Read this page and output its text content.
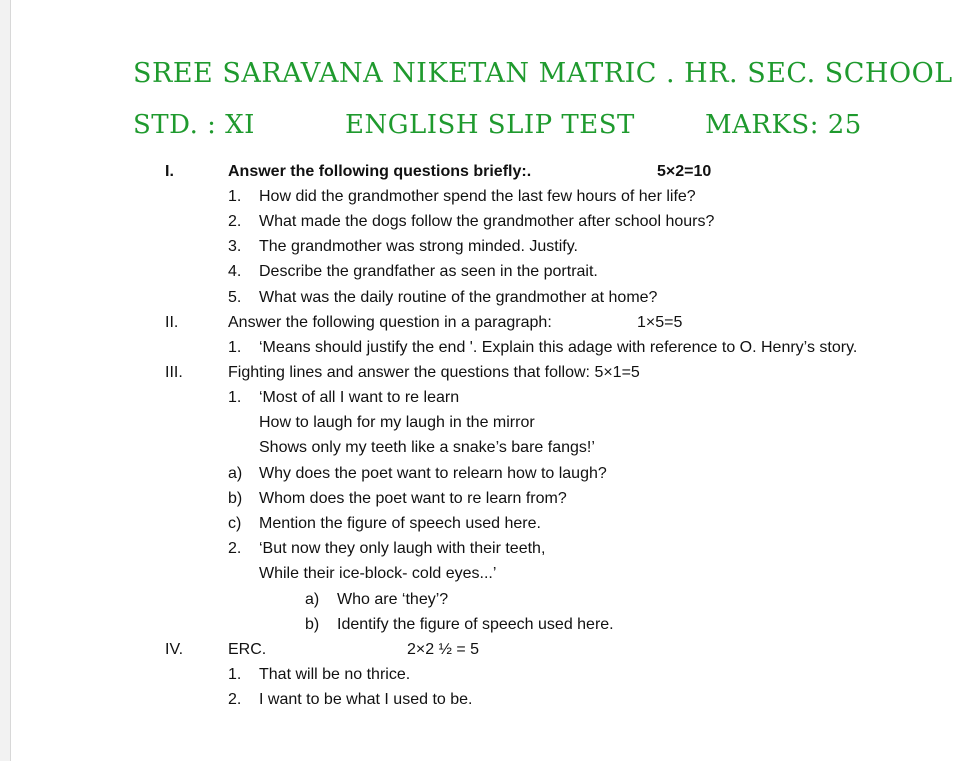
SREE SARAVANA NIKETAN MATRIC . HR. SEC. SCHOOL
STD. : XI	ENGLISH SLIP TEST	MARKS: 25
I.	Answer the following questions briefly:.	5×2=10
1. How did the grandmother spend the last few hours of her life?
2. What made the dogs follow the grandmother after school hours?
3. The grandmother was strong minded. Justify.
4. Describe the grandfather as seen in the portrait.
5. What was the daily routine of the grandmother at home?
II.	Answer the following question in a paragraph:	1×5=5
1. ‘Means should justify the end '. Explain this adage with reference to O. Henry’s story.
III.	Fighting lines and answer the questions that follow: 5×1=5
1. ‘Most of all I want to re learn
How to laugh for my laugh in the mirror
Shows only my teeth like a snake’s bare fangs!’
a) Why does the poet want to relearn how to laugh?
b) Whom does the poet want to re learn from?
c) Mention the figure of speech used here.
2. ‘But now they only laugh with their teeth,
While their ice-block- cold eyes...’
a) Who are ‘they’?
b) Identify the figure of speech used here.
IV.	ERC.	2×2 ½ = 5
1. That will be no thrice.
2. I want to be what I used to be.
